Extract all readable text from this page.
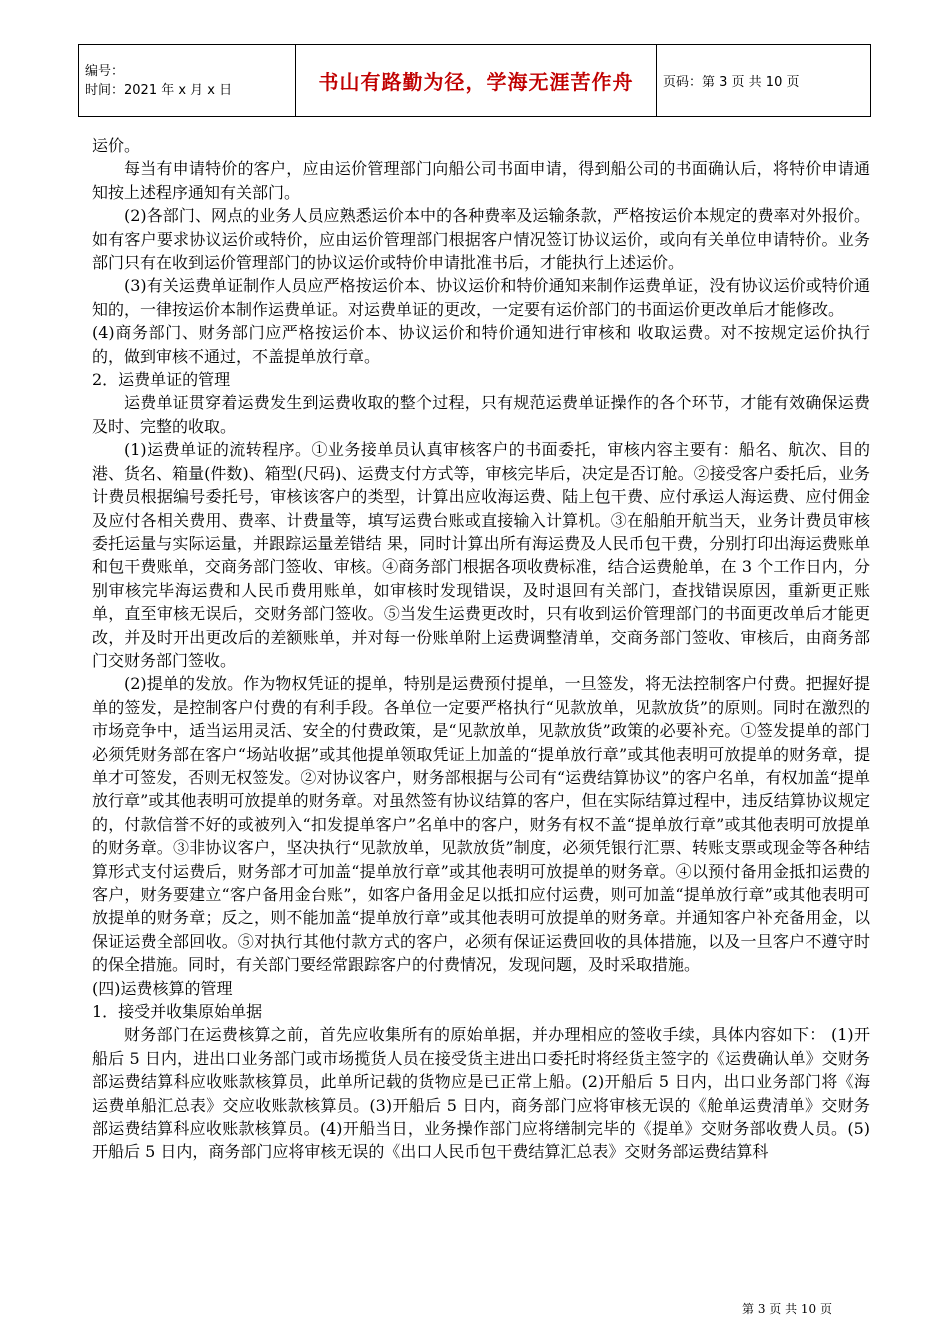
编号：
时间：2021 年 x 月 x 日	书山有路勤为径，学海无涯苦作舟	页码：第 3 页 共 10 页

运价。

每当有申请特价的客户，应由运价管理部门向船公司书面申请，得到船公司的书面确认后，将特价申请通知按上述程序通知有关部门。

(2)各部门、网点的业务人员应熟悉运价本中的各种费率及运输条款，严格按运价本规定的费率对外报价。如有客户要求协议运价或特价，应由运价管理部门根据客户情况签订协议运价，或向有关单位申请特价。业务部门只有在收到运价管理部门的协议运价或特价申请批准书后，才能执行上述运价。

(3)有关运费单证制作人员应严格按运价本、协议运价和特价通知来制作运费单证，没有协议运价或特价通知的，一律按运价本制作运费单证。对运费单证的更改，一定要有运价部门的书面运价更改单后才能修改。

(4)商务部门、财务部门应严格按运价本、协议运价和特价通知进行审核和 收取运费。对不按规定运价执行的，做到审核不通过，不盖提单放行章。

2．运费单证的管理

运费单证贯穿着运费发生到运费收取的整个过程，只有规范运费单证操作的各个环节，才能有效确保运费及时、完整的收取。

(1)运费单证的流转程序。①业务接单员认真审核客户的书面委托，审核内容主要有：船名、航次、目的港、货名、箱量(件数)、箱型(尺码)、运费支付方式等，审核完毕后，决定是否订舱。②接受客户委托后，业务计费员根据编号委托号，审核该客户的类型，计算出应收海运费、陆上包干费、应付承运人海运费、应付佣金及应付各相关费用、费率、计费量等，填写运费台账或直接输入计算机。③在船舶开航当天，业务计费员审核委托运量与实际运量，并跟踪运量差错结 果，同时计算出所有海运费及人民币包干费，分别打印出海运费账单和包干费账单，交商务部门签收、审核。④商务部门根据各项收费标准，结合运费舱单，在 3 个工作日内，分别审核完毕海运费和人民币费用账单，如审核时发现错误，及时退回有关部门，查找错误原因，重新更正账单，直至审核无误后，交财务部门签收。⑤当发生运费更改时，只有收到运价管理部门的书面更改单后才能更改，并及时开出更改后的差额账单，并对每一份账单附上运费调整清单，交商务部门签收、审核后，由商务部门交财务部门签收。

(2)提单的发放。作为物权凭证的提单，特别是运费预付提单，一旦签发，将无法控制客户付费。把握好提单的签发，是控制客户付费的有利手段。各单位一定要严格执行“见款放单，见款放货”的原则。同时在激烈的市场竞争中，适当运用灵活、安全的付费政策，是“见款放单，见款放货”政策的必要补充。①签发提单的部门必须凭财务部在客户“场站收据”或其他提单领取凭证上加盖的“提单放行章”或其他表明可放提单的财务章，提单才可签发，否则无权签发。②对协议客户，财务部根据与公司有“运费结算协议”的客户名单，有权加盖“提单放行章”或其他表明可放提单的财务章。对虽然签有协议结算的客户，但在实际结算过程中，违反结算协议规定的，付款信誉不好的或被列入“扣发提单客户”名单中的客户，财务有权不盖“提单放行章”或其他表明可放提单的财务章。③非协议客户，坚决执行“见款放单，见款放货”制度，必须凭银行汇票、转账支票或现金等各种结算形式支付运费后，财务部才可加盖“提单放行章”或其他表明可放提单的财务章。④以预付备用金抵扣运费的客户，财务要建立“客户备用金台账”，如客户备用金足以抵扣应付运费，则可加盖“提单放行章”或其他表明可放提单的财务章；反之，则不能加盖“提单放行章”或其他表明可放提单的财务章。并通知客户补充备用金，以保证运费全部回收。⑤对执行其他付款方式的客户，必须有保证运费回收的具体措施，以及一旦客户不遵守时的保全措施。同时，有关部门要经常跟踪客户的付费情况，发现问题，及时采取措施。

(四)运费核算的管理

1．接受并收集原始单据

财务部门在运费核算之前，首先应收集所有的原始单据，并办理相应的签收手续，具体内容如下： (1)开船后 5 日内，进出口业务部门或市场揽货人员在接受货主进出口委托时将经货主签字的《运费确认单》交财务部运费结算科应收账款核算员，此单所记载的货物应是已正常上船。(2)开船后 5 日内，出口业务部门将《海运费单船汇总表》交应收账款核算员。(3)开船后 5 日内，商务部门应将审核无误的《舱单运费清单》交财务部运费结算科应收账款核算员。(4)开船当日，业务操作部门应将缮制完毕的《提单》交财务部收费人员。(5)开船后 5 日内，商务部门应将审核无误的《出口人民币包干费结算汇总表》交财务部运费结算科

第 3 页 共 10 页
